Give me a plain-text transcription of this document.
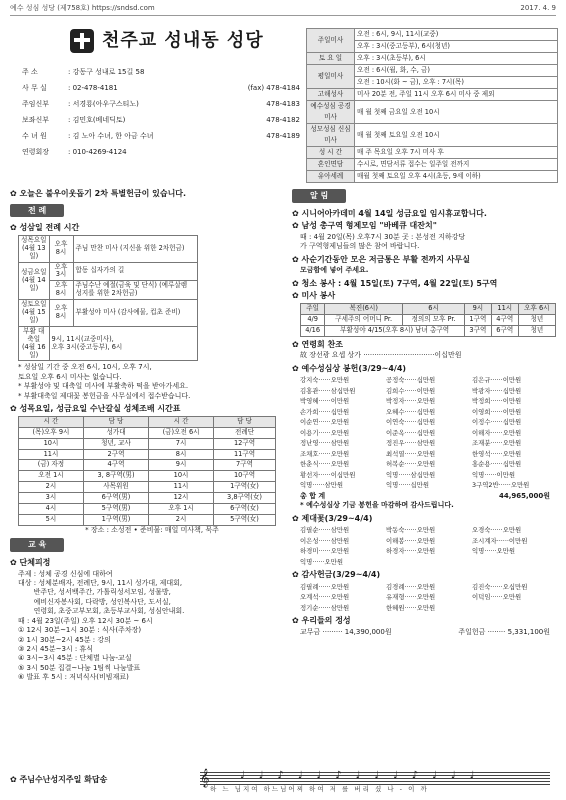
예수 성심 성당 (제758호) https://sndsd.com	2017. 4. 9
천주교 성내동 성당
주 소	: 강동구 성내로 15길 58	
사 무 실	: 02-478-4181	(fax) 478-4184
주임신부	: 서경룡(아우구스티노)	478-4183
보좌신부	: 김민호(베네딕토)	478-4182
수 녀 원	: 김 노아 수녀, 한 아금 수녀	478-4189
연령회장	: 010-4269-4124	
주일미사	오전 : 6시, 9시, 11시(교중)
	오후 : 3시(중고등부), 6시(청년)
토 요 일	오후 : 3시(초등부), 6시
평일미사	오전 : 6시(월, 화, 수, 금)
	오전 : 10시(화 ~ 금), 오후 : 7시(목)
고해성사	미사 20분 전, 주일 11시 오후 6시 미사 중 제외
예수성심 공경미사	매 월 첫째 금요일 오전 10시
성모성심 신심미사	매 월 첫째 토요일 오전 10시
성 시 간	매 주 목요일 오후 7시 미사 후
혼인면담	수시로, 면담서류 접수는 일주일 전까지
유아세례	매월 첫째 토요일 오후 4시(초등, 9세 이하)
✿ 오늘은 불우이웃돕기 2차 특별헌금이 있습니다.
전 례
✿ 성삼일 전례 시간
성목요일
(4월 13일)	오후 8시	주님 만찬 미사 (지신을 위한 2차헌금)
성금요일
(4월 14일)	오후 3시	합동 십자가의 길
	오후 8시	주님수난 예절(금육 및 단식) (예루살렘 성지를 위한 2차헌금)
성토요일
(4월 15일)	오후 8시	부활성야 미사 (감사예물, 컵초 준비)
부활 대축일
(4월 16일)	9시, 11시(교중미사),
오후 3시(중고등부), 6시	
* 성삼일 기간 중 오전 6시, 10시, 오후 7시,
토요일 오후 6시 미사는 없습니다.
* 부활성야 및 대축일 미사에 부활축하 떡을 받아가세요.
* 부활대축일 제대꽃 봉헌금을 사무실에서 접수받습니다.
✿ 성목요일, 성금요일 수난갈실 성체조배 시간표
시 간	담 당	시 간	담 당
(목)오후 9시	성가대	(금)오전 6시	전례단
10시	청년, 교사	7시	12구역
11시	2구역	8시	11구역
(금) 자정	4구역	9시	7구역
오전 1시	3, 8구역(男)	10시	10구역
2시	사목위원	11시	1구역(女)
3시	6구역(男)	12시	3,8구역(女)
4시	5구역(男)	오후 1시	6구역(女)
5시	1구역(男)	2시	5구역(女)
* 장소 : 소성전 • 준비물: 매일 미사책, 묵주
교 육
✿ 단체피정
주제 : 성체 공경 신심에 대하여
대상 : 성체분배자, 전례단, 9시, 11시 성가대, 제대회,
반주단, 성서백주간, 가톨릭성서모임, 성물방,
예비신자봉사회, 다락방, 성인복사단, 도서실,
연령회, 초중고부모회, 초등부교사회, 성심안내회.
때 : 4월 23일(주일) 오후 12시 30분 ~ 6시
① 12시 30분~1시 30분 : 식사(주차장)
② 1시 30분~2시 45분 : 강의
③ 2시 45분~3시 : 휴식
④ 3시~3시 45분 : 단체별 나눔-교실
⑤ 3시 50분 집결~나눔 1팀씩 나눔발표
⑥ 발표 후 5시 : 저녁식사(비빔재료)
알 림
✿ 시니어아카데미 4월 14일 성금요일 임시휴교합니다.
✿ 남성 총구역 형제모임 "바베큐 대잔치"
때 : 4월 20일(목) 오후7시 30분 곳 : 본성전 지하강당
가 구역형제님들의 많은 참여 바랍니다.
✿ 사순기간동안 모은 저금통은 부활 전까지 사무실
모금함에 넣어 주세요.
✿ 청소 봉사 : 4월 15일(토) 7구역, 4월 22일(토) 5구역
✿ 미사 봉사
주일	복진(6시)	6시	9시	11시	오후 6시
4/9	구세주의 어머니 Pr.	정의의 모후 Pr.	1구역	4구역	청년
4/16	부활성야 4/15(오후 8시) 남녀 총구역		3구역	6구역	청년
✿ 연령회 찬조
故 장선광 요셉 상가 ································이십만원
✿ 예수성심상 봉헌(3/29~4/4)
강지숙······오만원	공정숙······십만원	김은규······이만원
김홍관······삼십만원	김희수······이만원	박광자······십만원
박영혜······이만원	박정자······오만원	박정희······이만원
손가희······십만원	오혜수······십만원	이영희······이만원
이순연······오만원	이연숙······십만원	이정수······십만원
이용기······오만원	이준옥······십만원	이해자······오만원
정난영······삼만원	정진우······삼만원	조재분······오만원
조채호······오만원	최석열······오만원	한영석······오만원
한춘식······오만원	허복순······오만원	홍순용······십만원
황선자······이십만원	익명······삼십만원	익명······이만원
익명······삼만원	익명······십만원	3구역2반······오만원
총 합 계	44,965,000원
* 예수성심상 기금 봉헌을 마감하며 감사드립니다.
✿ 제대꽃(3/29~4/4)
김필순······삼만원	박동숙······오만원	오경숙······오만원
이은성······삼만원	이해봉······오만원	조시계자······이만원
하경미······오만원	하경자······오만원	익명······오만원
익명······오만원
✿ 감사헌금(3/29~4/4)
김필례······오만원	김경례······오만원	김진숙······오십만원
오계석······오만원	유재형······오만원	이덕임······오만원
정기순······삼만원	한혜원······오만원
✿ 우리들의 정성
교무금 ········· 14,390,000원	주일헌금 ········ 5,331,100원
✿ 주님수난성지주일 화답송	𝄞	♩♩♪♩♩♪♩♩♩♪♩♩♩
하 느 님지여 하느님어찌 하여 저 를 버리 셨 나 - 이 까
